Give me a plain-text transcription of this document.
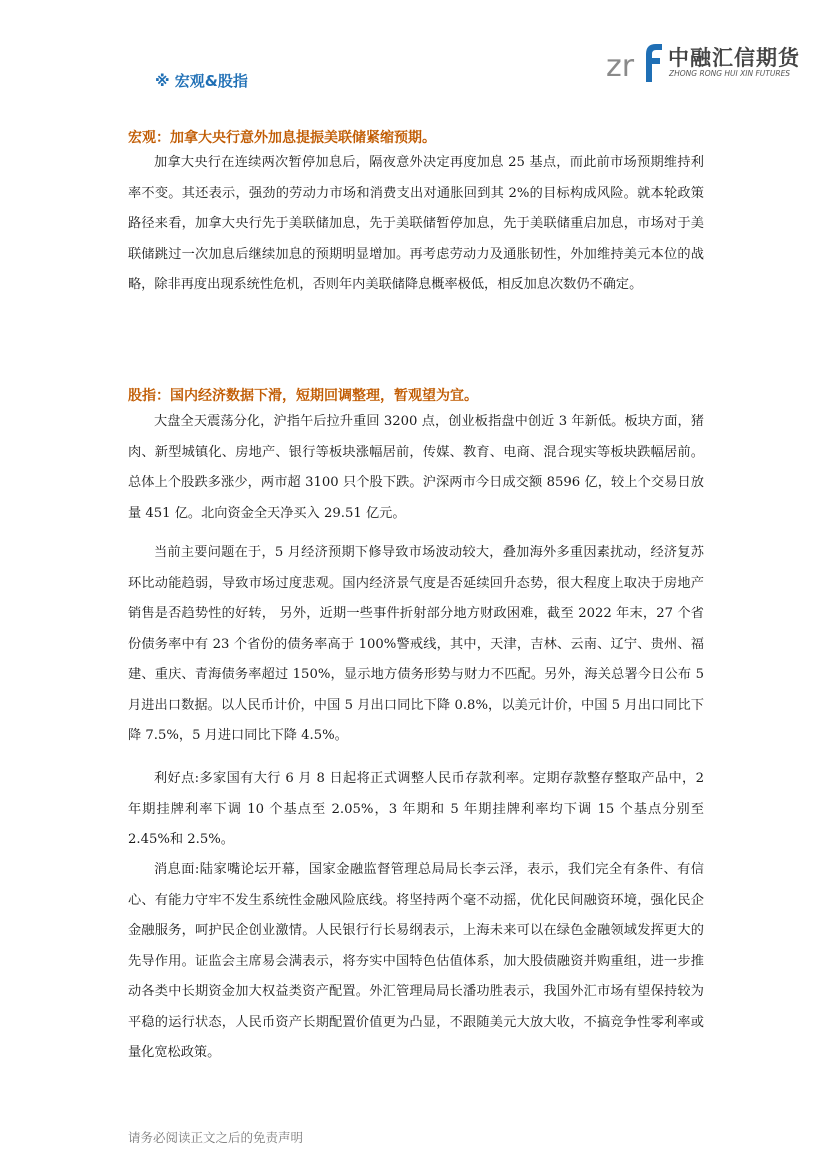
zr 中融汇信期货
ZHONG RONG HUI XIN FUTURES
※ 宏观&股指
宏观：加拿大央行意外加息提振美联储紧缩预期。

加拿大央行在连续两次暂停加息后，隔夜意外决定再度加息 25 基点，而此前市场预期维持利率不变。其还表示，强劲的劳动力市场和消费支出对通胀回到其 2%的目标构成风险。就本轮政策路径来看，加拿大央行先于美联储加息，先于美联储暂停加息，先于美联储重启加息，市场对于美联储跳过一次加息后继续加息的预期明显增加。再考虑劳动力及通胀韧性，外加维持美元本位的战略，除非再度出现系统性危机，否则年内美联储降息概率极低，相反加息次数仍不确定。

股指：国内经济数据下滑，短期回调整理，暂观望为宜。

大盘全天震荡分化，沪指午后拉升重回 3200 点，创业板指盘中创近 3 年新低。板块方面，猪肉、新型城镇化、房地产、银行等板块涨幅居前，传媒、教育、电商、混合现实等板块跌幅居前。总体上个股跌多涨少，两市超 3100 只个股下跌。沪深两市今日成交额 8596 亿，较上个交易日放量 451 亿。北向资金全天净买入 29.51 亿元。

当前主要问题在于，5 月经济预期下修导致市场波动较大，叠加海外多重因素扰动，经济复苏环比动能趋弱，导致市场过度悲观。国内经济景气度是否延续回升态势，很大程度上取决于房地产销售是否趋势性的好转， 另外，近期一些事件折射部分地方财政困难，截至 2022 年末，27 个省份债务率中有 23 个省份的债务率高于 100%警戒线，其中，天津，吉林、云南、辽宁、贵州、福建、重庆、青海债务率超过 150%，显示地方债务形势与财力不匹配。另外，海关总署今日公布 5 月进出口数据。以人民币计价，中国 5 月出口同比下降 0.8%，以美元计价，中国 5 月出口同比下降 7.5%，5 月进口同比下降 4.5%。

利好点:多家国有大行 6 月 8 日起将正式调整人民币存款利率。定期存款整存整取产品中，2 年期挂牌利率下调 10 个基点至 2.05%，3 年期和 5 年期挂牌利率均下调 15 个基点分别至 2.45%和 2.5%。

消息面:陆家嘴论坛开幕，国家金融监督管理总局局长李云泽，表示，我们完全有条件、有信心、有能力守牢不发生系统性金融风险底线。将坚持两个毫不动摇，优化民间融资环境，强化民企金融服务，呵护民企创业激情。人民银行行长易纲表示，上海未来可以在绿色金融领域发挥更大的先导作用。证监会主席易会满表示，将夯实中国特色估值体系，加大股债融资并购重组，进一步推动各类中长期资金加大权益类资产配置。外汇管理局局长潘功胜表示，我国外汇市场有望保持较为平稳的运行状态，人民币资产长期配置价值更为凸显，不跟随美元大放大收，不搞竞争性零利率或量化宽松政策。

请务必阅读正文之后的免责声明
